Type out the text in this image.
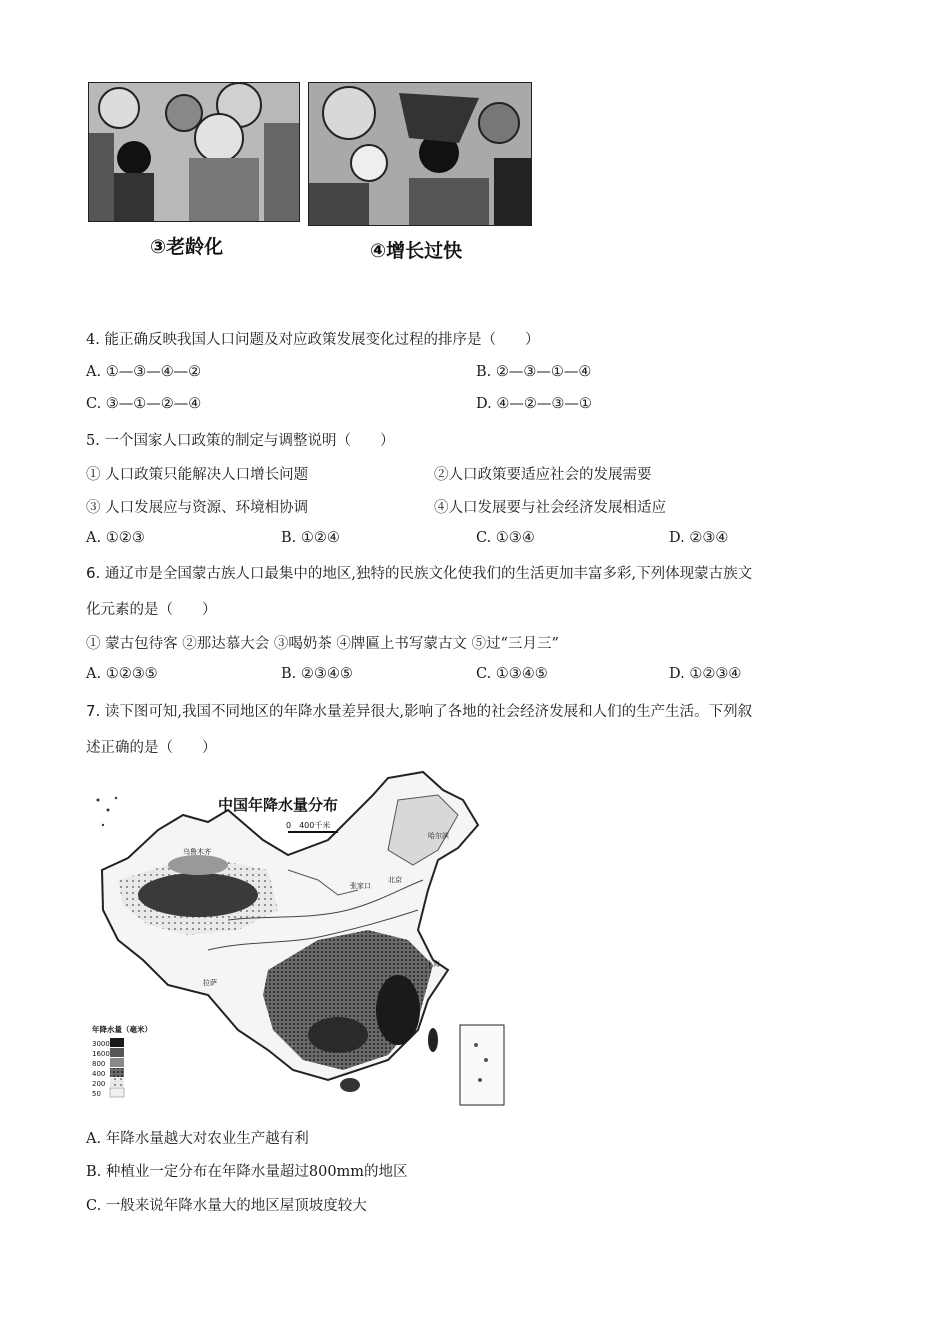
③老龄化	④增长过快
4. 能正确反映我国人口问题及对应政策发展变化过程的排序是（　　）
A. ①—③—④—②	B. ②—③—①—④
C. ③—①—②—④	D. ④—②—③—①
5. 一个国家人口政策的制定与调整说明（　　）
① 人口政策只能解决人口增长问题	②人口政策要适应社会的发展需要
③ 人口发展应与资源、环境相协调	④人口发展要与社会经济发展相适应
A. ①②③	B. ①②④	C. ①③④	D. ②③④
6. 通辽市是全国蒙古族人口最集中的地区,独特的民族文化使我们的生活更加丰富多彩,下列体现蒙古族文
化元素的是（　　）
① 蒙古包待客 ②那达慕大会 ③喝奶茶 ④牌匾上书写蒙古文 ⑤过“三月三”
A. ①②③⑤	B. ②③④⑤	C. ①③④⑤	D. ①②③④
7. 读下图可知,我国不同地区的年降水量差异很大,影响了各地的社会经济发展和人们的生产生活。下列叙
述正确的是（　　）
中国年降水量分布
0　400千米
年降水量（毫米）
3000
1600
800
400
200
50
乌鲁木齐
张家口
北京
上海
拉萨
哈尔滨
A. 年降水量越大对农业生产越有利
B. 种植业一定分布在年降水量超过800mm的地区
C. 一般来说年降水量大的地区屋顶坡度较大
